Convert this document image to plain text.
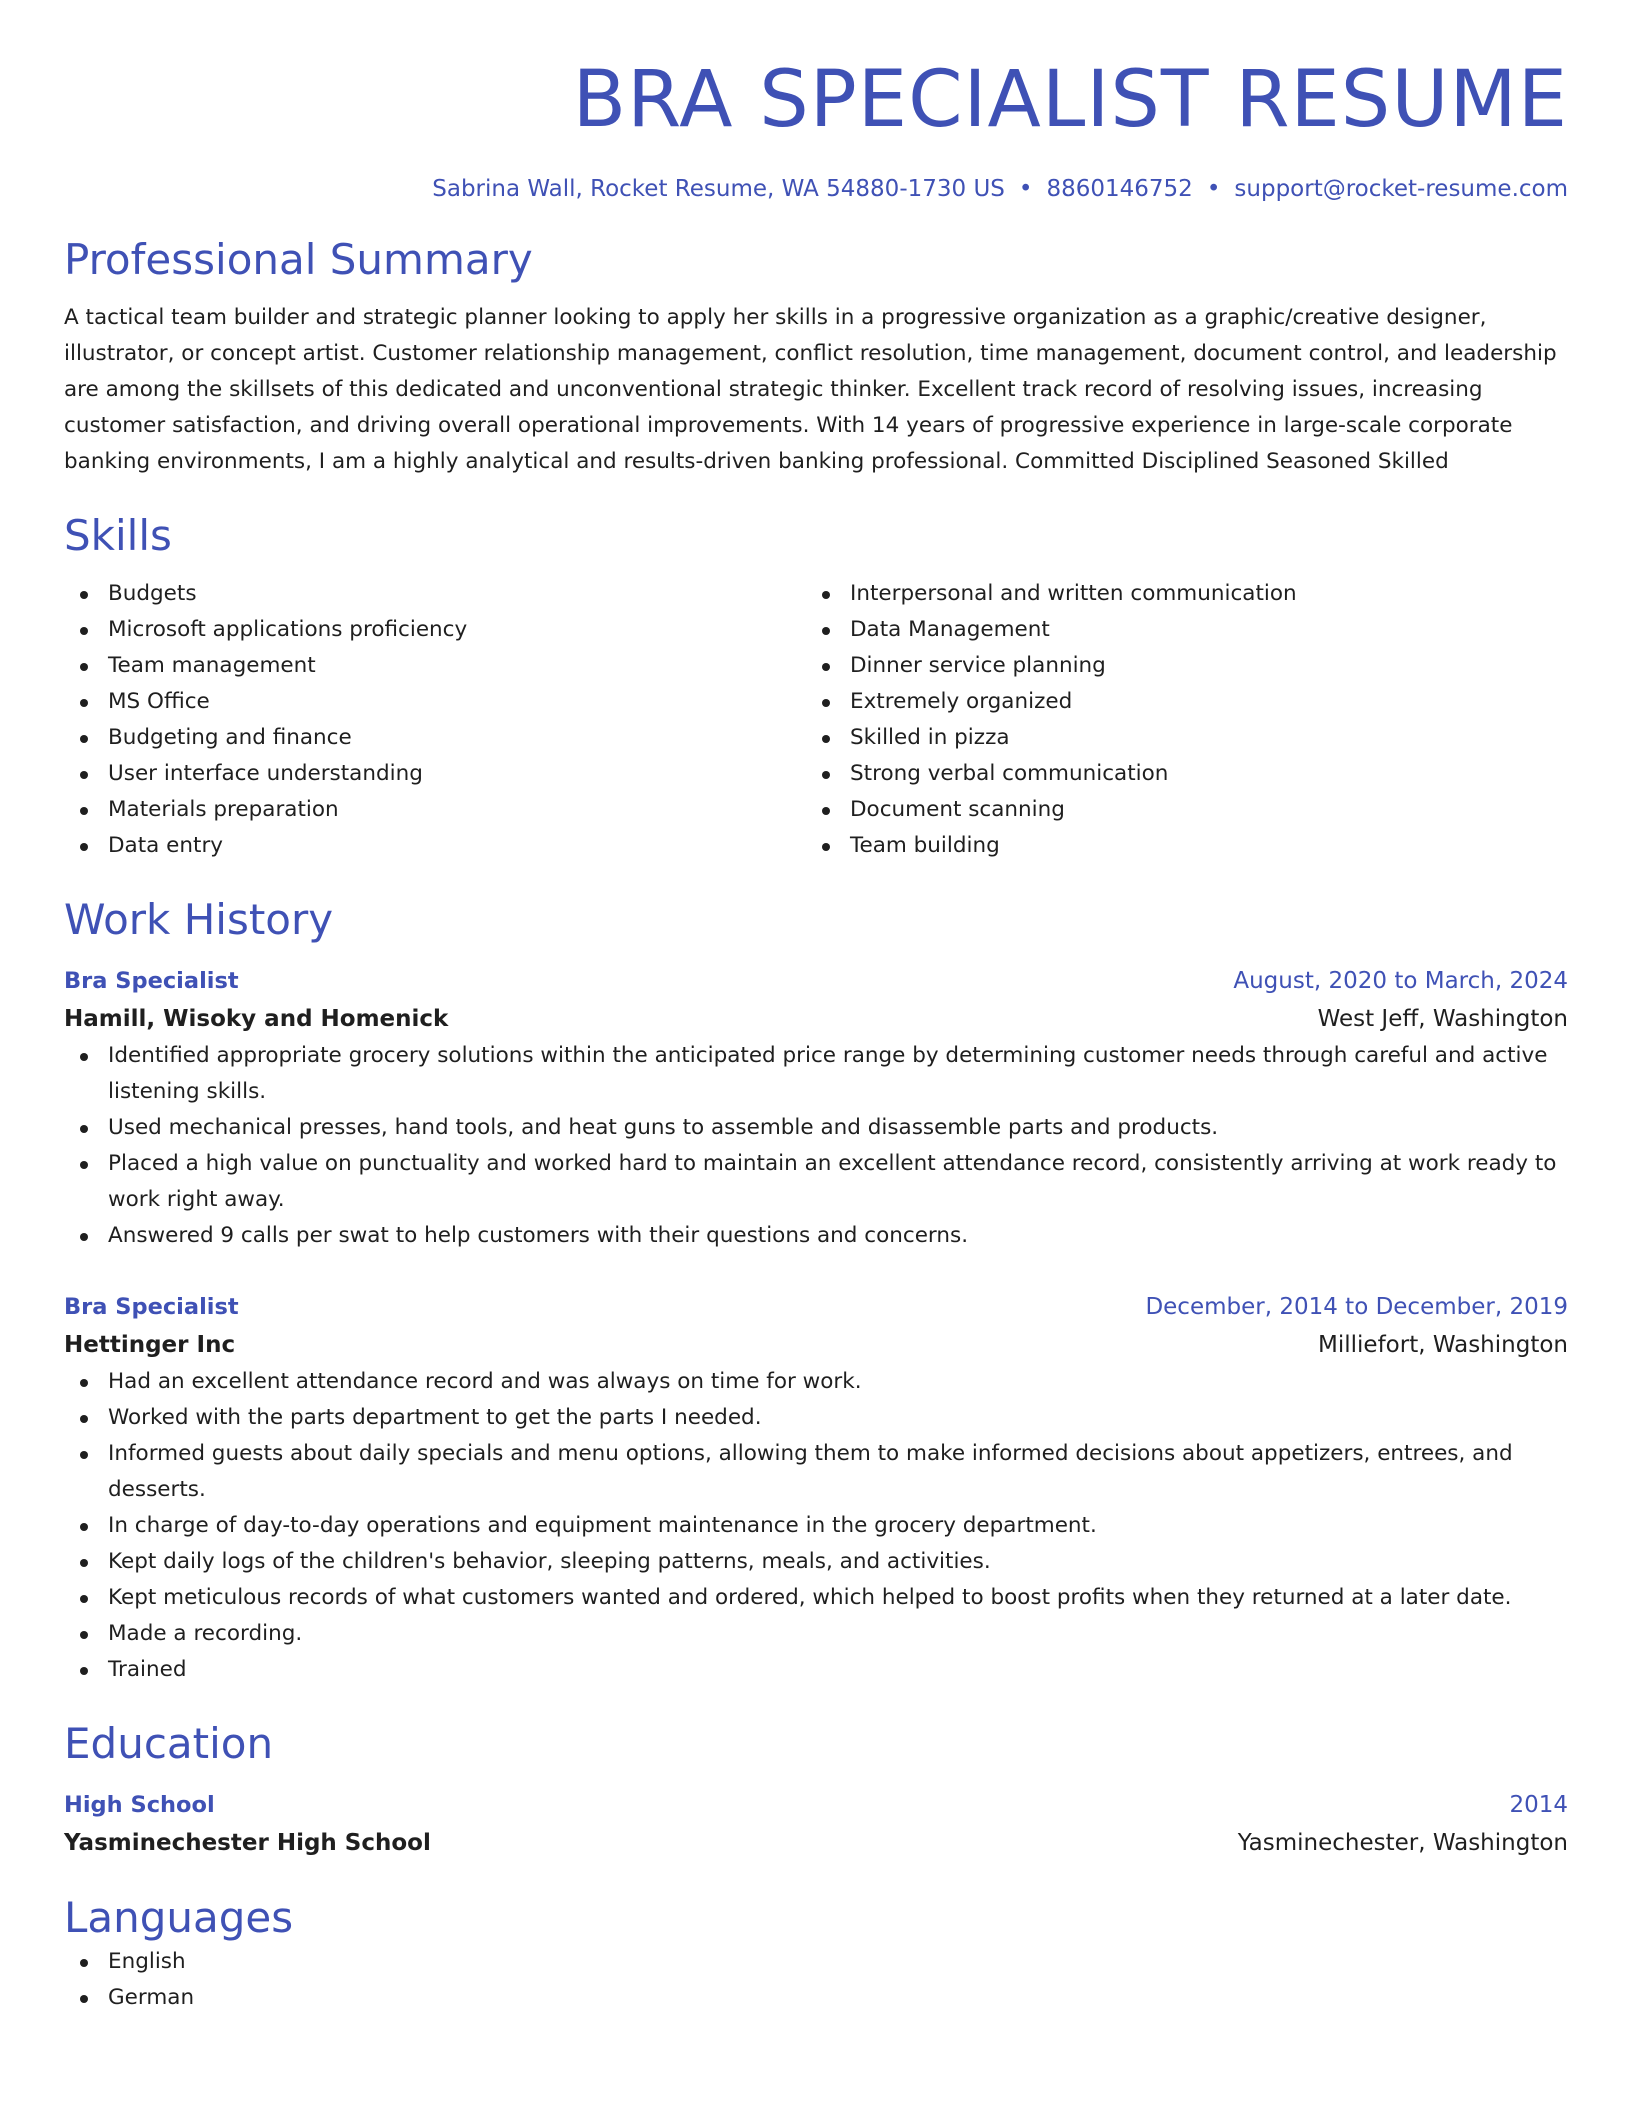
BRA SPECIALIST RESUME
Sabrina Wall, Rocket Resume, WA 54880-1730 US • 8860146752 • support@rocket-resume.com
Professional Summary

A tactical team builder and strategic planner looking to apply her skills in a progressive organization as a graphic/creative designer, illustrator, or concept artist. Customer relationship management, conflict resolution, time management, document control, and leadership are among the skillsets of this dedicated and unconventional strategic thinker. Excellent track record of resolving issues, increasing customer satisfaction, and driving overall operational improvements. With 14 years of progressive experience in large-scale corporate banking environments, I am a highly analytical and results-driven banking professional. Committed Disciplined Seasoned Skilled

Skills
Budgets
Microsoft applications proficiency
Team management
MS Office
Budgeting and finance
User interface understanding
Materials preparation
Data entry
Interpersonal and written communication
Data Management
Dinner service planning
Extremely organized
Skilled in pizza
Strong verbal communication
Document scanning
Team building
Work History
Bra Specialist	August, 2020 to March, 2024
Hamill, Wisoky and Homenick	West Jeff, Washington
Identified appropriate grocery solutions within the anticipated price range by determining customer needs through careful and active listening skills.
Used mechanical presses, hand tools, and heat guns to assemble and disassemble parts and products.
Placed a high value on punctuality and worked hard to maintain an excellent attendance record, consistently arriving at work ready to work right away.
Answered 9 calls per swat to help customers with their questions and concerns.
Bra Specialist	December, 2014 to December, 2019
Hettinger Inc	Milliefort, Washington
Had an excellent attendance record and was always on time for work.
Worked with the parts department to get the parts I needed.
Informed guests about daily specials and menu options, allowing them to make informed decisions about appetizers, entrees, and desserts.
In charge of day-to-day operations and equipment maintenance in the grocery department.
Kept daily logs of the children's behavior, sleeping patterns, meals, and activities.
Kept meticulous records of what customers wanted and ordered, which helped to boost profits when they returned at a later date.
Made a recording.
Trained
Education
High School	2014
Yasminechester High School	Yasminechester, Washington
Languages
English
German
